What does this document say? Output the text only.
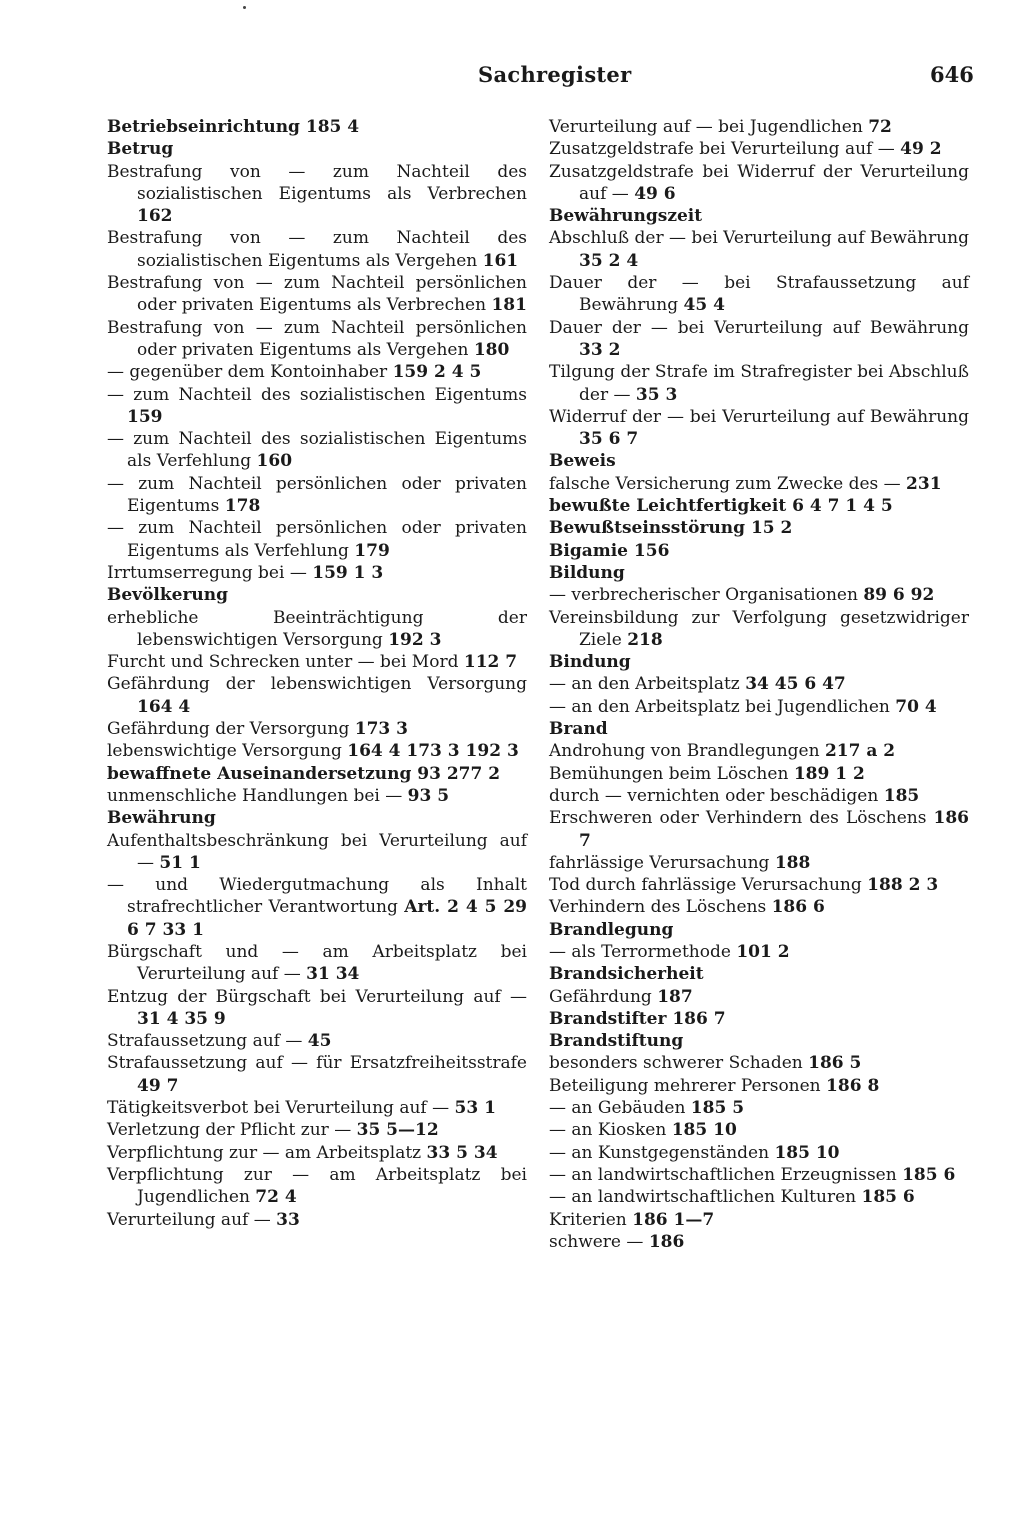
Sachregister	646
Betriebseinrichtung 185 4
Betrug
Bestrafung von — zum Nachteil des sozialistischen Eigentums als Verbrechen 162
Bestrafung von — zum Nachteil des sozialistischen Eigentums als Vergehen 161
Bestrafung von — zum Nachteil persönlichen oder privaten Eigentums als Verbrechen 181
Bestrafung von — zum Nachteil persönlichen oder privaten Eigentums als Vergehen 180
— gegenüber dem Kontoinhaber 159 2 4 5
— zum Nachteil des sozialistischen Eigentums 159
— zum Nachteil des sozialistischen Eigentums als Verfehlung 160
— zum Nachteil persönlichen oder privaten Eigentums 178
— zum Nachteil persönlichen oder privaten Eigentums als Verfehlung 179
Irrtumserregung bei — 159 1 3
Bevölkerung
erhebliche Beeinträchtigung der lebenswichtigen Versorgung 192 3
Furcht und Schrecken unter — bei Mord 112 7
Gefährdung der lebenswichtigen Versorgung 164 4
Gefährdung der Versorgung 173 3
lebenswichtige Versorgung 164 4 173 3 192 3
bewaffnete Auseinandersetzung 93 277 2
unmenschliche Handlungen bei — 93 5
Bewährung
Aufenthaltsbeschränkung bei Verurteilung auf — 51 1
— und Wiedergutmachung als Inhalt strafrechtlicher Verantwortung Art. 2 4 5 29 6 7 33 1
Bürgschaft und — am Arbeitsplatz bei Verurteilung auf — 31 34
Entzug der Bürgschaft bei Verurteilung auf — 31 4 35 9
Strafaussetzung auf — 45
Strafaussetzung auf — für Ersatzfreiheitsstrafe 49 7
Tätigkeitsverbot bei Verurteilung auf — 53 1
Verletzung der Pflicht zur — 35 5—12
Verpflichtung zur — am Arbeitsplatz 33 5 34
Verpflichtung zur — am Arbeitsplatz bei Jugendlichen 72 4
Verurteilung auf — 33
Verurteilung auf — bei Jugendlichen 72
Zusatzgeldstrafe bei Verurteilung auf — 49 2
Zusatzgeldstrafe bei Widerruf der Verurteilung auf — 49 6
Bewährungszeit
Abschluß der — bei Verurteilung auf Bewährung 35 2 4
Dauer der — bei Strafaussetzung auf Bewährung 45 4
Dauer der — bei Verurteilung auf Bewährung 33 2
Tilgung der Strafe im Strafregister bei Abschluß der — 35 3
Widerruf der — bei Verurteilung auf Bewährung 35 6 7
Beweis
falsche Versicherung zum Zwecke des — 231
bewußte Leichtfertigkeit 6 4 7 1 4 5
Bewußtseinsstörung 15 2
Bigamie 156
Bildung
— verbrecherischer Organisationen 89 6 92
Vereinsbildung zur Verfolgung gesetzwidriger Ziele 218
Bindung
— an den Arbeitsplatz 34 45 6 47
— an den Arbeitsplatz bei Jugendlichen 70 4
Brand
Androhung von Brandlegungen 217 a 2
Bemühungen beim Löschen 189 1 2
durch — vernichten oder beschädigen 185
Erschweren oder Verhindern des Löschens 186 7
fahrlässige Verursachung 188
Tod durch fahrlässige Verursachung 188 2 3
Verhindern des Löschens 186 6
Brandlegung
— als Terrormethode 101 2
Brandsicherheit
Gefährdung 187
Brandstifter 186 7
Brandstiftung
besonders schwerer Schaden 186 5
Beteiligung mehrerer Personen 186 8
— an Gebäuden 185 5
— an Kiosken 185 10
— an Kunstgegenständen 185 10
— an landwirtschaftlichen Erzeugnissen 185 6
— an landwirtschaftlichen Kulturen 185 6
Kriterien 186 1—7
schwere — 186
